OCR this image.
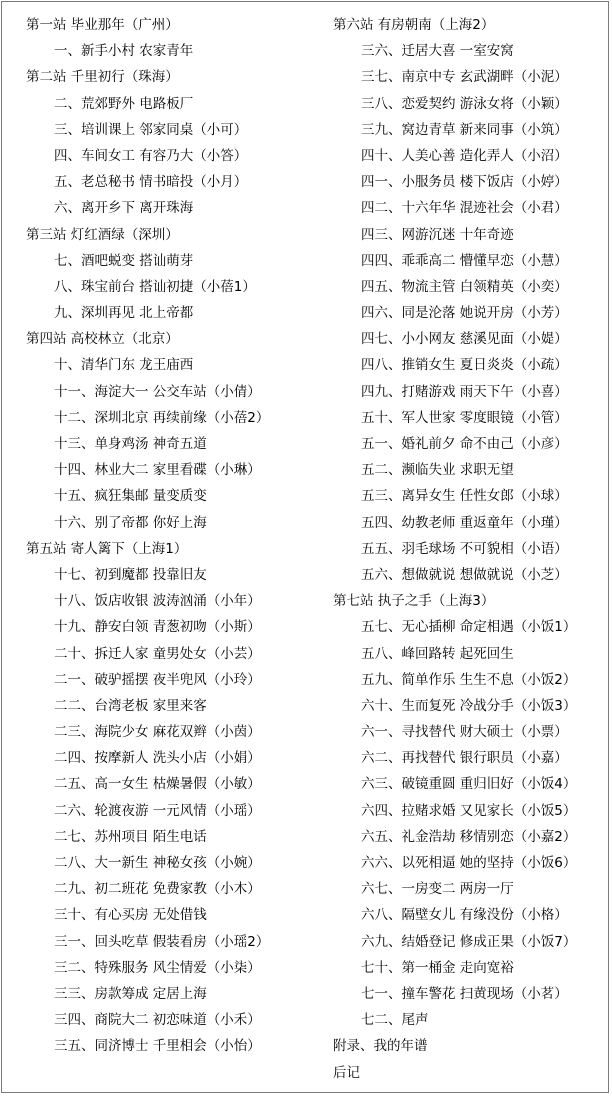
第一站 毕业那年（广州）
一、新手小村 农家青年
第二站 千里初行（珠海）
二、荒郊野外 电路板厂
三、培训课上 邻家同桌（小可）
四、车间女工 有容乃大（小答）
五、老总秘书 情书暗投（小月）
六、离开乡下 离开珠海
第三站 灯红酒绿（深圳）
七、酒吧蜕变 搭讪萌芽
八、珠宝前台 搭讪初捷（小蓓1）
九、深圳再见 北上帝都
第四站 高校林立（北京）
十、清华门东 龙王庙西
十一、海淀大一 公交车站（小倩）
十二、深圳北京 再续前缘（小蓓2）
十三、单身鸡汤 神奇五道
十四、林业大二 家里看碟（小琳）
十五、疯狂集邮 量变质变
十六、别了帝都 你好上海
第五站 寄人篱下（上海1）
十七、初到魔都 投靠旧友
十八、饭店收银 波涛汹涌（小年）
十九、静安白领 青葱初吻（小斯）
二十、拆迁人家 童男处女（小芸）
二一、破驴摇摆 夜半兜风（小玲）
二二、台湾老板 家里来客
二三、海院少女 麻花双辫（小茵）
二四、按摩新人 洗头小店（小娟）
二五、高一女生 枯燥暑假（小敏）
二六、轮渡夜游 一元风情（小瑶）
二七、苏州项目 陌生电话
二八、大一新生 神秘女孩（小婉）
二九、初二班花 免费家教（小木）
三十、有心买房 无处借钱
三一、回头吃草 假装看房（小瑶2）
三二、特殊服务 风尘情爱（小柒）
三三、房款筹成 定居上海
三四、商院大二 初恋味道（小禾）
三五、同济博士 千里相会（小怡）
第六站 有房朝南（上海2）
三六、迁居大喜 一室安窝
三七、南京中专 玄武湖畔（小泥）
三八、恋爱契约 游泳女将（小颖）
三九、窝边青草 新来同事（小筑）
四十、人美心善 造化弄人（小沼）
四一、小服务员 楼下饭店（小婷）
四二、十六年华 混迹社会（小君）
四三、网游沉迷 十年奇迹
四四、乖乖高二 懵懂早恋（小慧）
四五、物流主管 白领精英（小奕）
四六、同是沦落 她说开房（小芳）
四七、小小网友 慈溪见面（小媞）
四八、推销女生 夏日炎炎（小疏）
四九、打赌游戏 雨天下午（小喜）
五十、军人世家 零度眼镜（小管）
五一、婚礼前夕 命不由己（小彦）
五二、濒临失业 求职无望
五三、离异女生 任性女郎（小球）
五四、幼教老师 重返童年（小瑾）
五五、羽毛球场 不可貌相（小语）
五六、想做就说 想做就说（小芝）
第七站 执子之手（上海3）
五七、无心插柳 命定相遇（小饭1）
五八、峰回路转 起死回生
五九、简单作乐 生生不息（小饭2）
六十、生而复死 冷战分手（小饭3）
六一、寻找替代 财大硕士（小票）
六二、再找替代 银行职员（小嘉）
六三、破镜重圆 重归旧好（小饭4）
六四、拉赌求婚 又见家长（小饭5）
六五、礼金浩劫 移情别恋（小嘉2）
六六、以死相逼 她的坚持（小饭6）
六七、一房变二 两房一厅
六八、隔壁女儿 有缘没份（小格）
六九、结婚登记 修成正果（小饭7）
七十、第一桶金 走向宽裕
七一、撞车警花 扫黄现场（小茗）
七二、尾声
附录、我的年谱
后记
